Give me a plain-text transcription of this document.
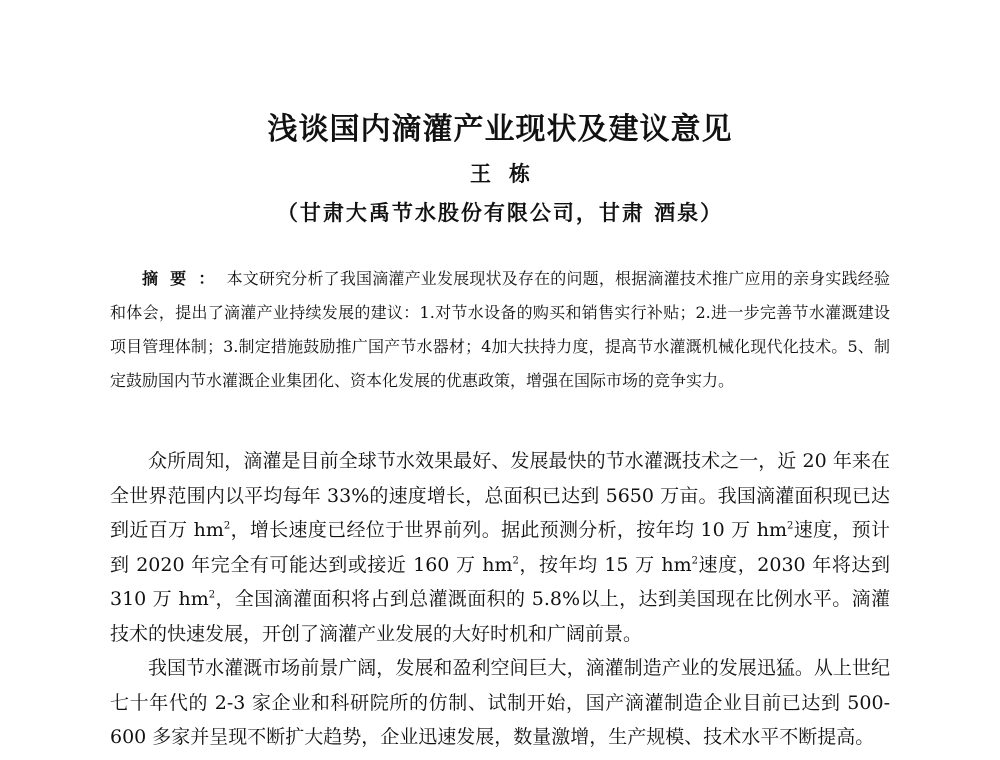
浅谈国内滴灌产业现状及建议意见
王栋
（甘肃大禹节水股份有限公司，甘肃 酒泉）

摘要：本文研究分析了我国滴灌产业发展现状及存在的问题，根据滴灌技术推广应用的亲身实践经验和体会，提出了滴灌产业持续发展的建议：1.对节水设备的购买和销售实行补贴；2.进一步完善节水灌溉建设项目管理体制；3.制定措施鼓励推广国产节水器材；4加大扶持力度，提高节水灌溉机械化现代化技术。5、制定鼓励国内节水灌溉企业集团化、资本化发展的优惠政策，增强在国际市场的竞争实力。

众所周知，滴灌是目前全球节水效果最好、发展最快的节水灌溉技术之一，近 20 年来在全世界范围内以平均每年 33%的速度增长，总面积已达到 5650 万亩。我国滴灌面积现已达到近百万 $hm^2$，增长速度已经位于世界前列。据此预测分析，按年均 10 万 $hm^2$速度，预计到 2020 年完全有可能达到或接近 160 万 $hm^2$，按年均 15 万 $hm^2$速度，2030 年将达到 310 万 $hm^2$，全国滴灌面积将占到总灌溉面积的 5.8%以上，达到美国现在比例水平。滴灌技术的快速发展，开创了滴灌产业发展的大好时机和广阔前景。

我国节水灌溉市场前景广阔，发展和盈利空间巨大，滴灌制造产业的发展迅猛。从上世纪七十年代的 2-3 家企业和科研院所的仿制、试制开始，国产滴灌制造企业目前已达到 500-600 多家并呈现不断扩大趋势，企业迅速发展，数量激增，生产规模、技术水平不断提高。
